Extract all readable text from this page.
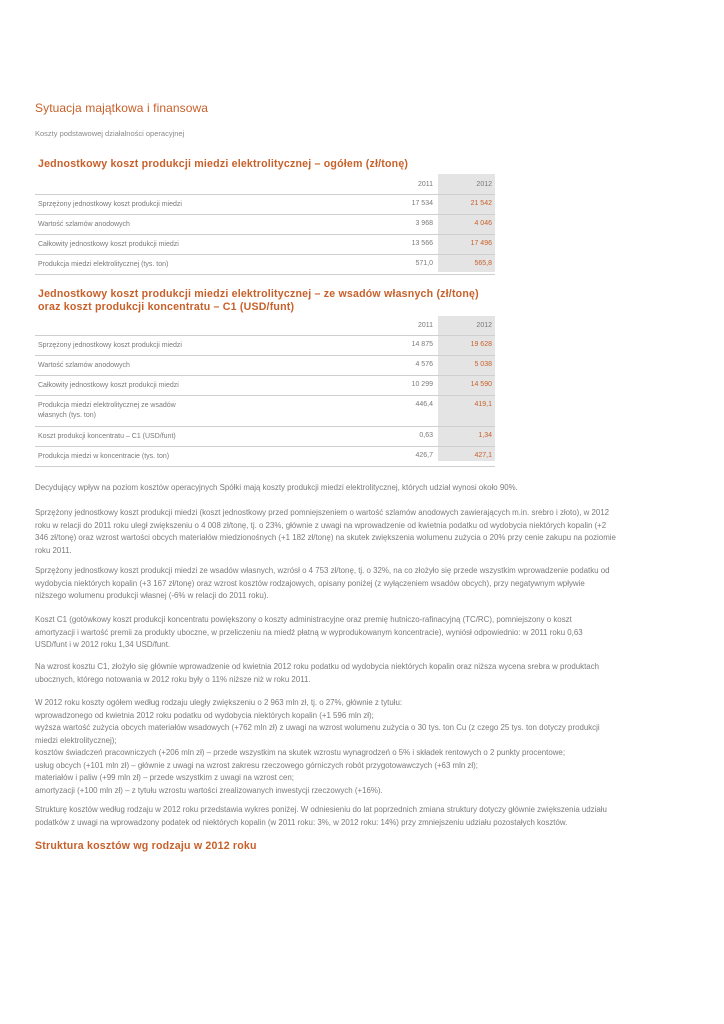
Sytuacja majątkowa i finansowa
Koszty podstawowej działalności operacyjnej
Jednostkowy koszt produkcji miedzi elektrolitycznej – ogółem (zł/tonę)
2011	2012
Sprzężony jednostkowy koszt produkcji miedzi	17 534	21 542
Wartość szlamów anodowych	3 968	4 046
Całkowity jednostkowy koszt produkcji miedzi	13 566	17 496
Produkcja miedzi elektrolitycznej (tys. ton)	571,0	565,8
Jednostkowy koszt produkcji miedzi elektrolitycznej – ze wsadów własnych (zł/tonę)
oraz koszt produkcji koncentratu – C1 (USD/funt)
2011	2012
Sprzężony jednostkowy koszt produkcji miedzi	14 875	19 628
Wartość szlamów anodowych	4 576	5 038
Całkowity jednostkowy koszt produkcji miedzi	10 299	14 590
Produkcja miedzi elektrolitycznej ze wsadów
własnych (tys. ton)
446,4	419,1
Koszt produkcji koncentratu – C1 (USD/funt)	0,63	1,34
Produkcja miedzi w koncentracie (tys. ton)	426,7	427,1
Decydujący wpływ na poziom kosztów operacyjnych Spółki mają koszty produkcji miedzi elektrolitycznej, których udział wynosi około 90%.
Sprzężony jednostkowy koszt produkcji miedzi (koszt jednostkowy przed pomniejszeniem o wartość szlamów anodowych zawierających m.in. srebro i złoto), w 2012
roku w relacji do 2011 roku uległ zwiększeniu o 4 008 zł/tonę, tj. o 23%, głównie z uwagi na wprowadzenie od kwietnia podatku od wydobycia niektórych kopalin (+2
346 zł/tonę) oraz wzrost wartości obcych materiałów miedzionośnych (+1 182 zł/tonę) na skutek zwiększenia wolumenu zużycia o 20% przy cenie zakupu na poziomie
roku 2011.
Sprzężony jednostkowy koszt produkcji miedzi ze wsadów własnych, wzrósł o 4 753 zł/tonę, tj. o 32%, na co złożyło się przede wszystkim wprowadzenie podatku od
wydobycia niektórych kopalin (+3 167 zł/tonę) oraz wzrost kosztów rodzajowych, opisany poniżej (z wyłączeniem wsadów obcych), przy negatywnym wpływie
niższego wolumenu produkcji własnej (-6% w relacji do 2011 roku).
Koszt C1 (gotówkowy koszt produkcji koncentratu powiększony o koszty administracyjne oraz premię hutniczo-rafinacyjną (TC/RC), pomniejszony o koszt
amortyzacji i wartość premii za produkty uboczne, w przeliczeniu na miedź płatną w wyprodukowanym koncentracie), wyniósł odpowiednio: w 2011 roku 0,63
USD/funt i w 2012 roku 1,34 USD/funt.
Na wzrost kosztu C1, złożyło się głównie wprowadzenie od kwietnia 2012 roku podatku od wydobycia niektórych kopalin oraz niższa wycena srebra w produktach
ubocznych, którego notowania w 2012 roku były o 11% niższe niż w roku 2011.
W 2012 roku koszty ogółem według rodzaju uległy zwiększeniu o 2 963 mln zł, tj. o 27%, głównie z tytułu:
wprowadzonego od kwietnia 2012 roku podatku od wydobycia niektórych kopalin (+1 596 mln zł);
wyższa wartość zużycia obcych materiałów wsadowych (+762 mln zł) z uwagi na wzrost wolumenu zużycia o 30 tys. ton Cu (z czego 25 tys. ton dotyczy produkcji
miedzi elektrolitycznej);
kosztów świadczeń pracowniczych (+206 mln zł) – przede wszystkim na skutek wzrostu wynagrodzeń o 5% i składek rentowych o 2 punkty procentowe;
usług obcych (+101 mln zł) – głównie z uwagi na wzrost zakresu rzeczowego górniczych robót przygotowawczych (+63 mln zł);
materiałów i paliw (+99 mln zł) – przede wszystkim z uwagi na wzrost cen;
amortyzacji (+100 mln zł) – z tytułu wzrostu wartości zrealizowanych inwestycji rzeczowych (+16%).
Strukturę kosztów według rodzaju w 2012 roku przedstawia wykres poniżej. W odniesieniu do lat poprzednich zmiana struktury dotyczy głównie zwiększenia udziału
podatków z uwagi na wprowadzony podatek od niektórych kopalin (w 2011 roku: 3%, w 2012 roku: 14%) przy zmniejszeniu udziału pozostałych kosztów.
Struktura kosztów wg rodzaju w 2012 roku
